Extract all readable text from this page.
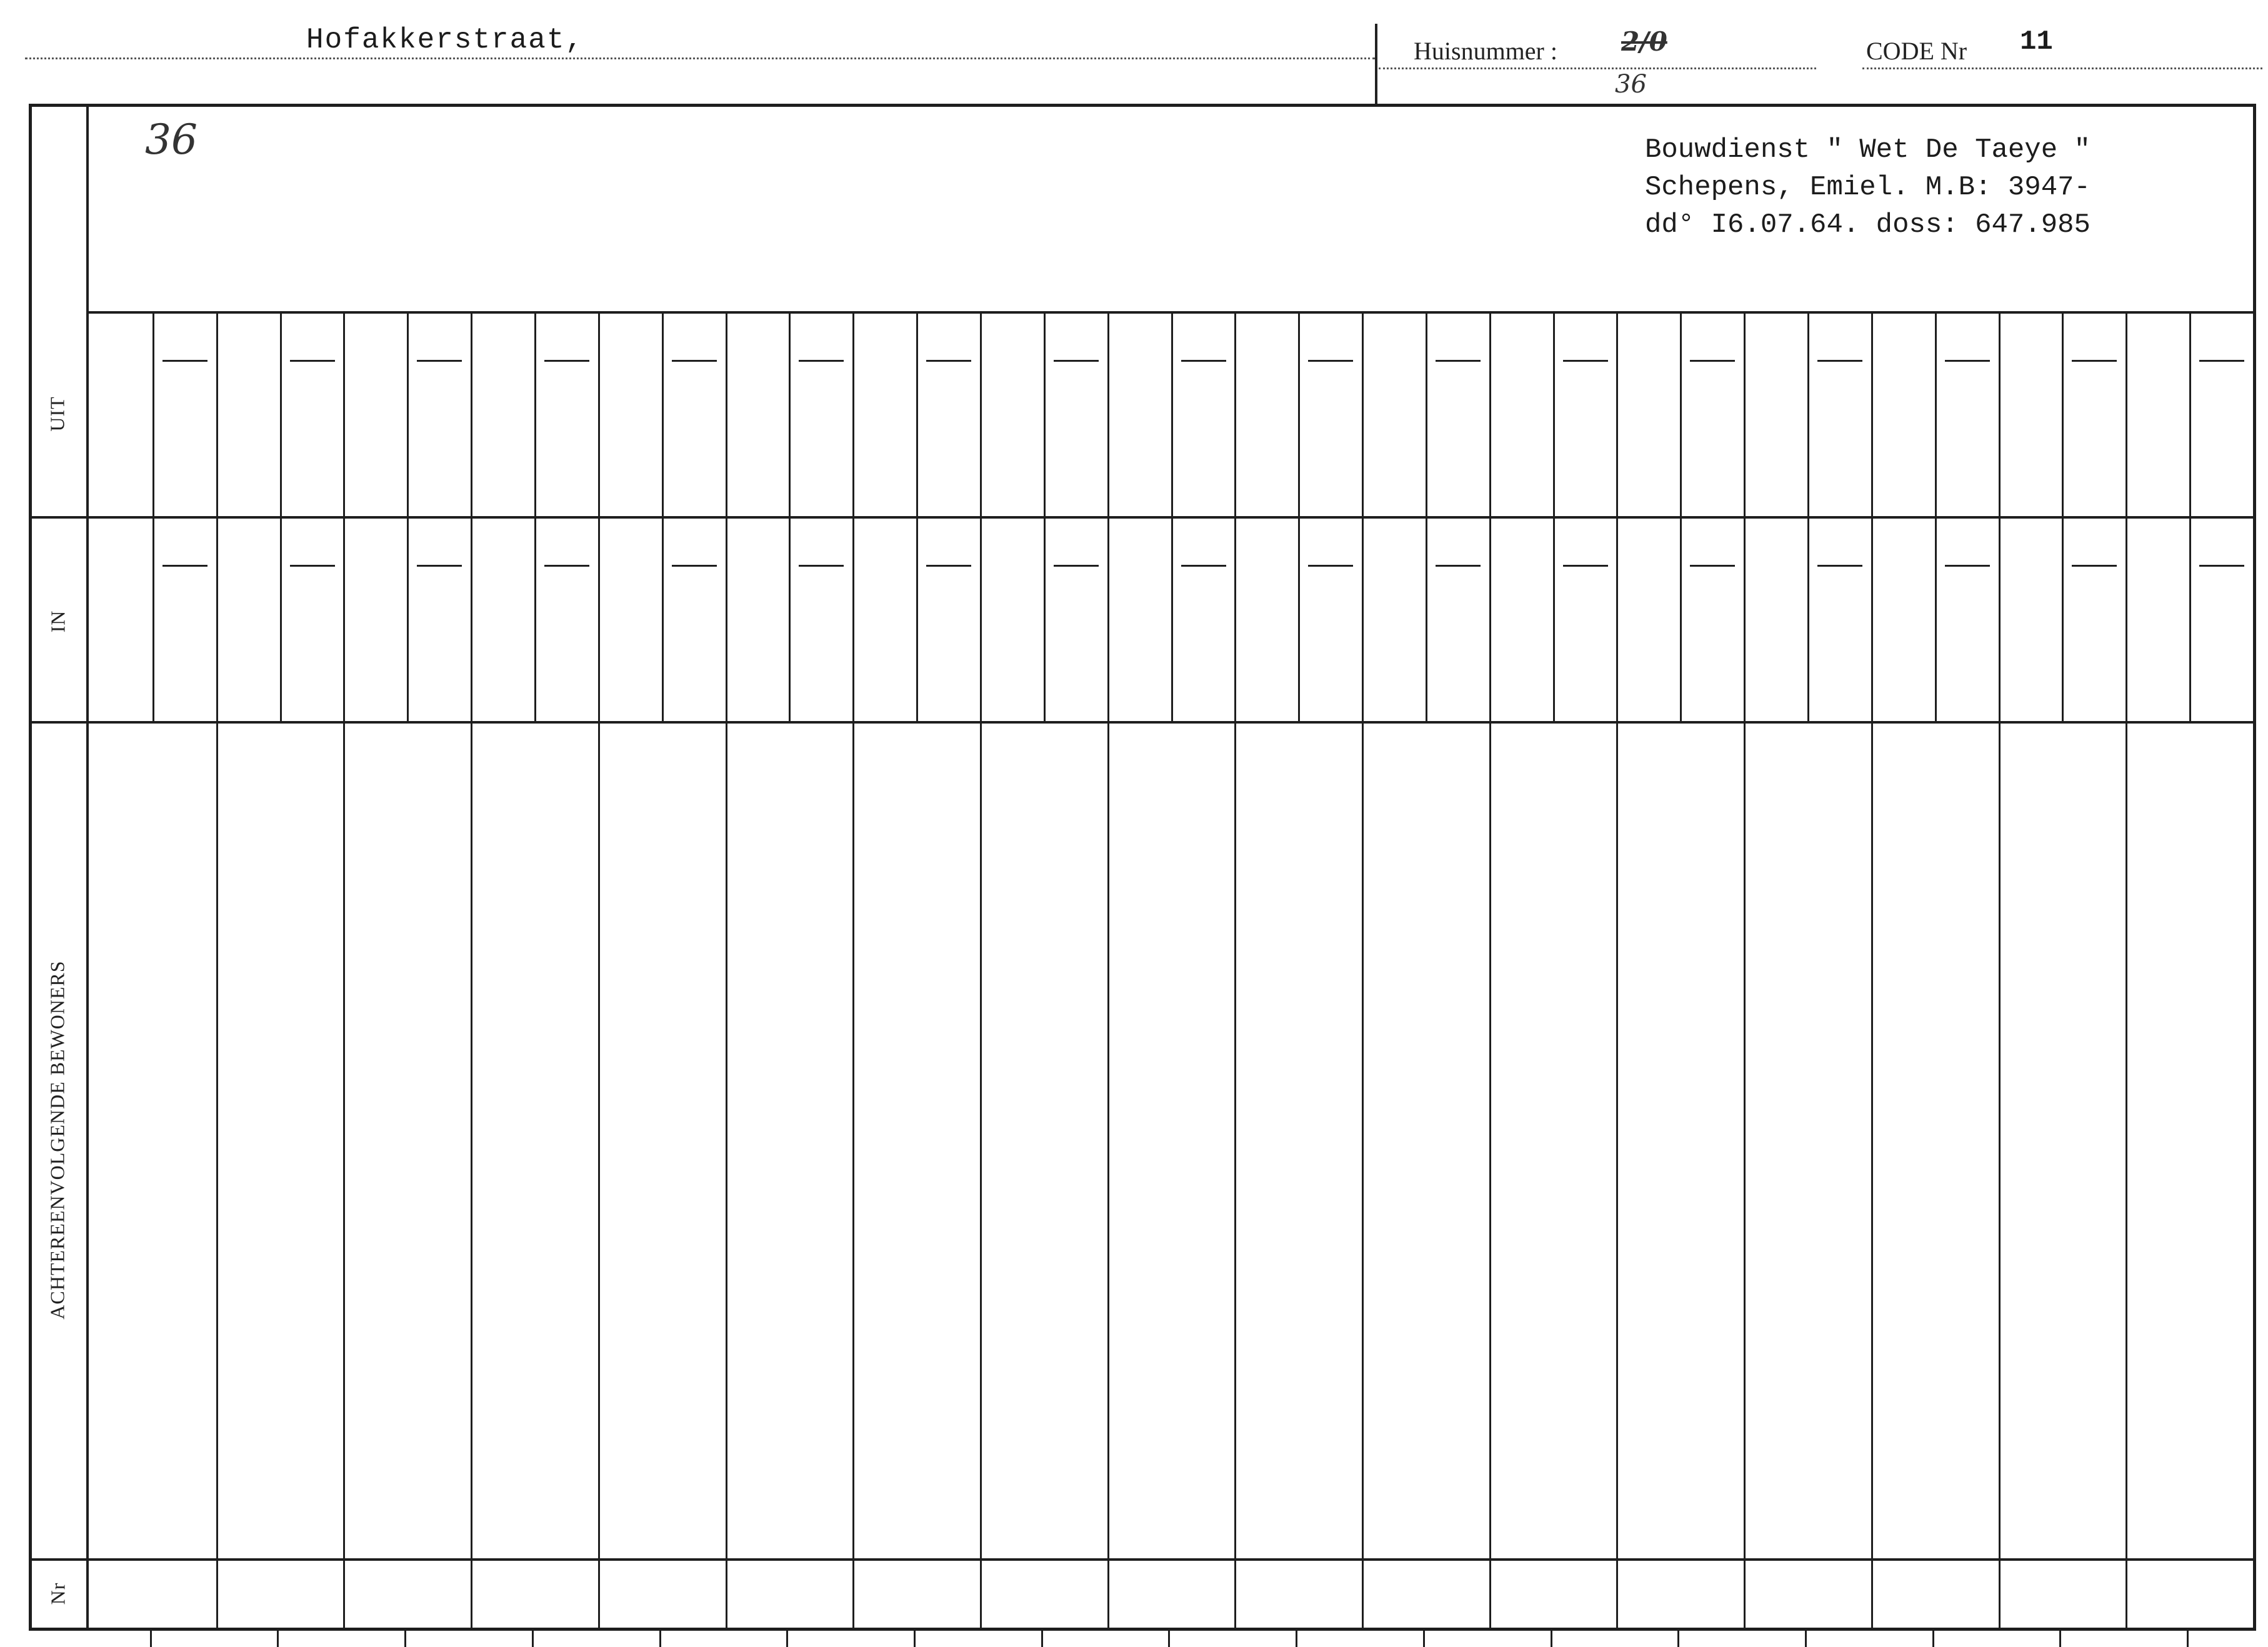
Hofakkerstraat,	Huisnummer : 2/0
36
CODE Nr 11
UIT
IN
ACHTEREENVOLGENDE BEWONERS
Nr
36	Bouwdienst " Wet De Taeye "
Schepens, Emiel. M.B: 3947-
dd° I6.07.64. doss: 647.985
